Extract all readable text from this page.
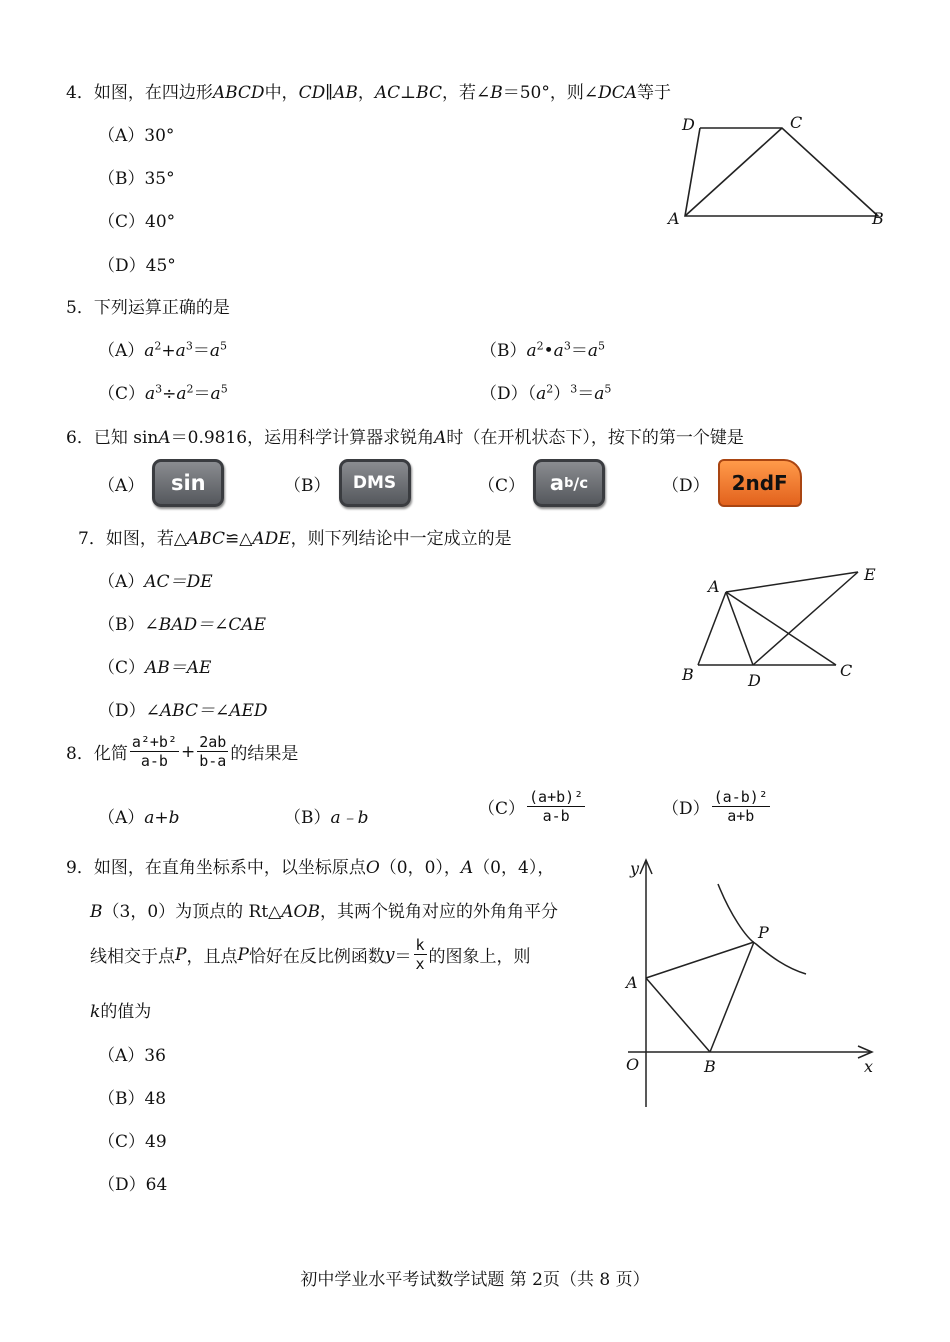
4．如图，在四边形ABCD中，CD∥AB，AC⊥BC，若∠B＝50°，则∠DCA等于
（A）30°
（B）35°
（C）40°
（D）45°
D	C
A	B
5．下列运算正确的是
$(A)a^2+a^3=a^5$	$(B)a^2•a^3=a^5$
$(C)a^3\div a^2=a^5$	$(D)(a^2)^3=a^5$
6．已知 sinA＝0.9816，运用科学计算器求锐角A时（在开机状态下），按下的第一个键是
（A）	sin	（B）	DMS	（C） a b / c	（D）	2ndF
7．如图，若△ABC≌△ADE，则下列结论中一定成立的是
（A）AC＝DE
（B）∠BAD＝∠CAE
（C）AB＝AE
（D）∠ABC＝∠AED
A
E
B	D
C
8．化简 $\frac{\text{a²+b²}}{a-b} + \frac{2ab}{b-a}$ 的结果是
（A）a+b	（B）a﹣b	$(C) \frac{\text{(a+b)²}}{a-b}$	$(D) \frac{\text{(a-b)²}}{a+b}$
9．如图，在直角坐标系中，以坐标原点O（0，0），A（0，4），
B（3，0）为顶点的 Rt△AOB，其两个锐角对应的外角角平分
线相交于点 P ，且点 P 恰好在反比例函数 $y = \frac{k}{x}$ 的图象上，则
k的值为
（A）36
（B）48
（C）49
（D）64
y
x
O
A
B
P
初中学业水平考试数学试题 第 2页（共 8 页）
